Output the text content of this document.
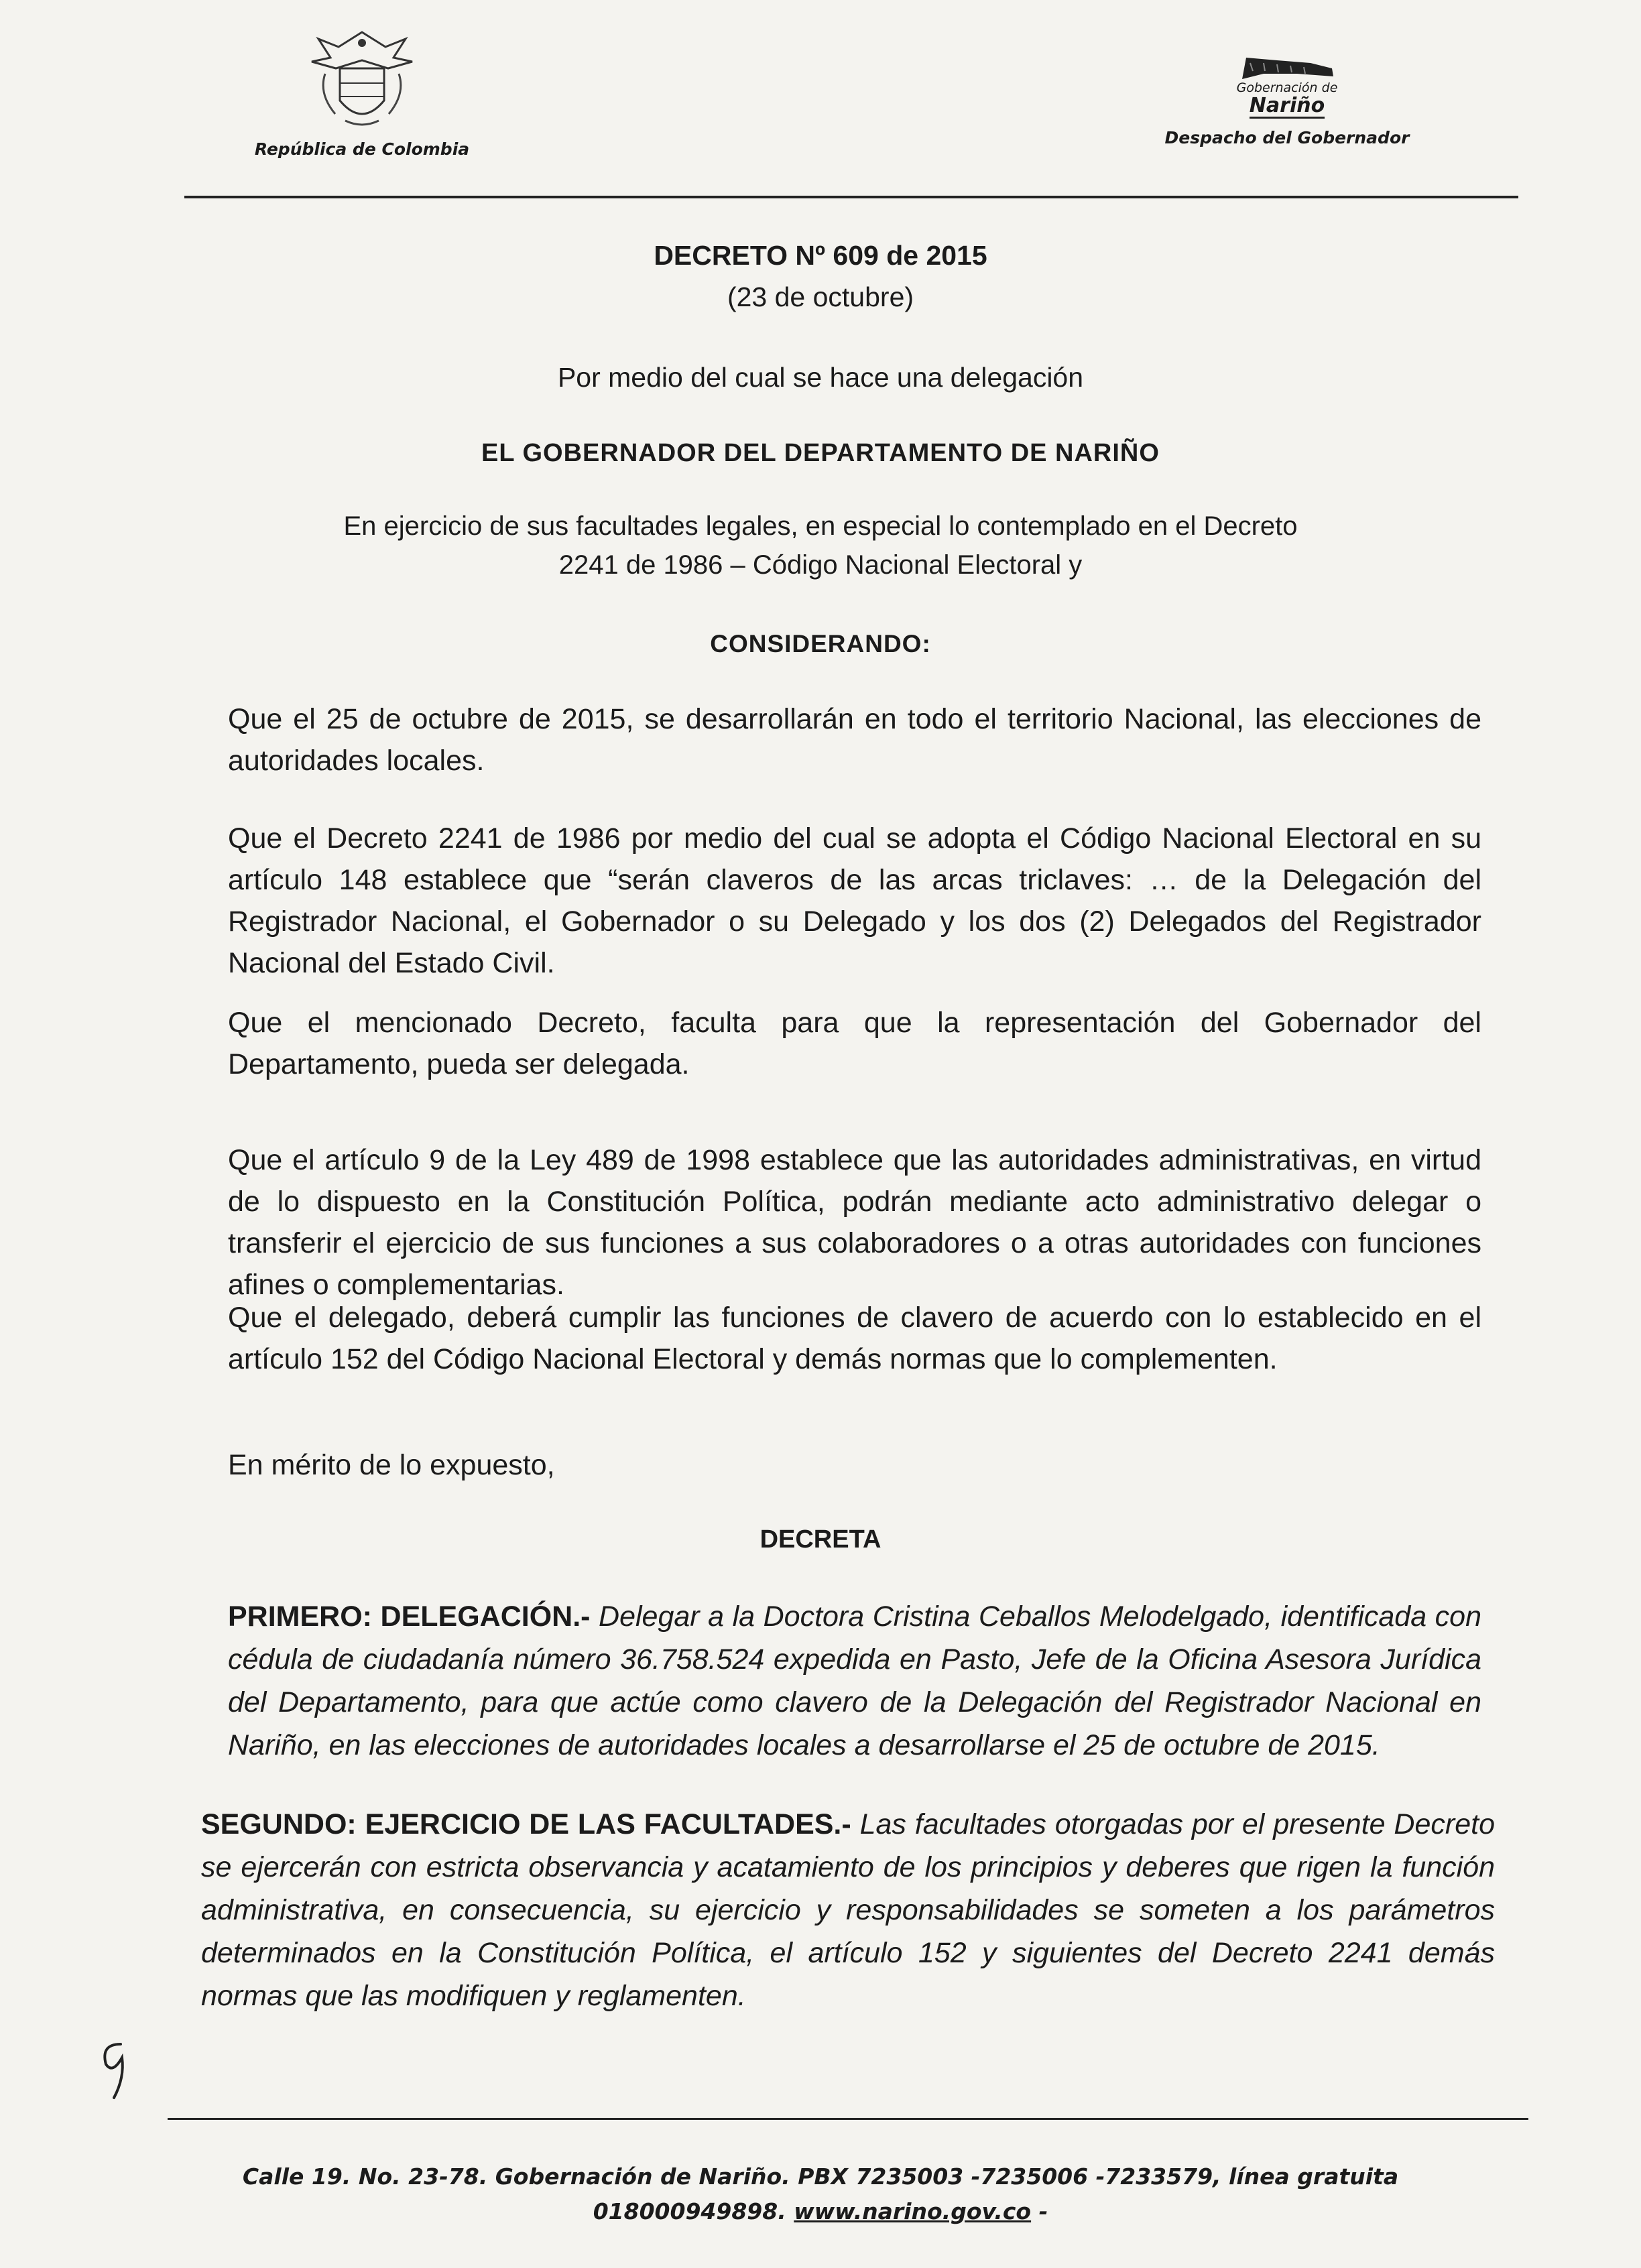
República de Colombia
Gobernación de
Nariño
Despacho del Gobernador
DECRETO Nº 609 de 2015
(23 de octubre)
Por medio del cual se hace una delegación
EL GOBERNADOR DEL DEPARTAMENTO DE NARIÑO
En ejercicio de sus facultades legales, en especial lo contemplado en el Decreto
2241 de 1986 – Código Nacional Electoral y
CONSIDERANDO:
Que el 25 de octubre de 2015, se desarrollarán en todo el territorio Nacional, las elecciones de autoridades locales.
Que el Decreto 2241 de 1986 por medio del cual se adopta el Código Nacional Electoral en su artículo 148 establece que “serán claveros de las arcas triclaves: … de la Delegación del Registrador Nacional, el Gobernador o su Delegado y los dos (2) Delegados del Registrador Nacional del Estado Civil.
Que el mencionado Decreto, faculta para que la representación del Gobernador del Departamento, pueda ser delegada.
Que el artículo 9 de la Ley 489 de 1998 establece que las autoridades administrativas, en virtud de lo dispuesto en la Constitución Política, podrán mediante acto administrativo delegar o transferir el ejercicio de sus funciones a sus colaboradores o a otras autoridades con funciones afines o complementarias.
Que el delegado, deberá cumplir las funciones de clavero de acuerdo con lo establecido en el artículo 152 del Código Nacional Electoral y demás normas que lo complementen.
En mérito de lo expuesto,
DECRETA
PRIMERO: DELEGACIÓN.- Delegar a la Doctora Cristina Ceballos Melodelgado, identificada con cédula de ciudadanía número 36.758.524 expedida en Pasto, Jefe de la Oficina Asesora Jurídica del Departamento, para que actúe como clavero de la Delegación del Registrador Nacional en Nariño, en las elecciones de autoridades locales a desarrollarse el 25 de octubre de 2015.
SEGUNDO: EJERCICIO DE LAS FACULTADES.- Las facultades otorgadas por el presente Decreto se ejercerán con estricta observancia y acatamiento de los principios y deberes que rigen la función administrativa, en consecuencia, su ejercicio y responsabilidades se someten a los parámetros determinados en la Constitución Política, el artículo 152 y siguientes del Decreto 2241 demás normas que las modifiquen y reglamenten.
Calle 19. No. 23-78. Gobernación de Nariño. PBX 7235003 -7235006 -7233579, línea gratuita
018000949898. www.narino.gov.co -
